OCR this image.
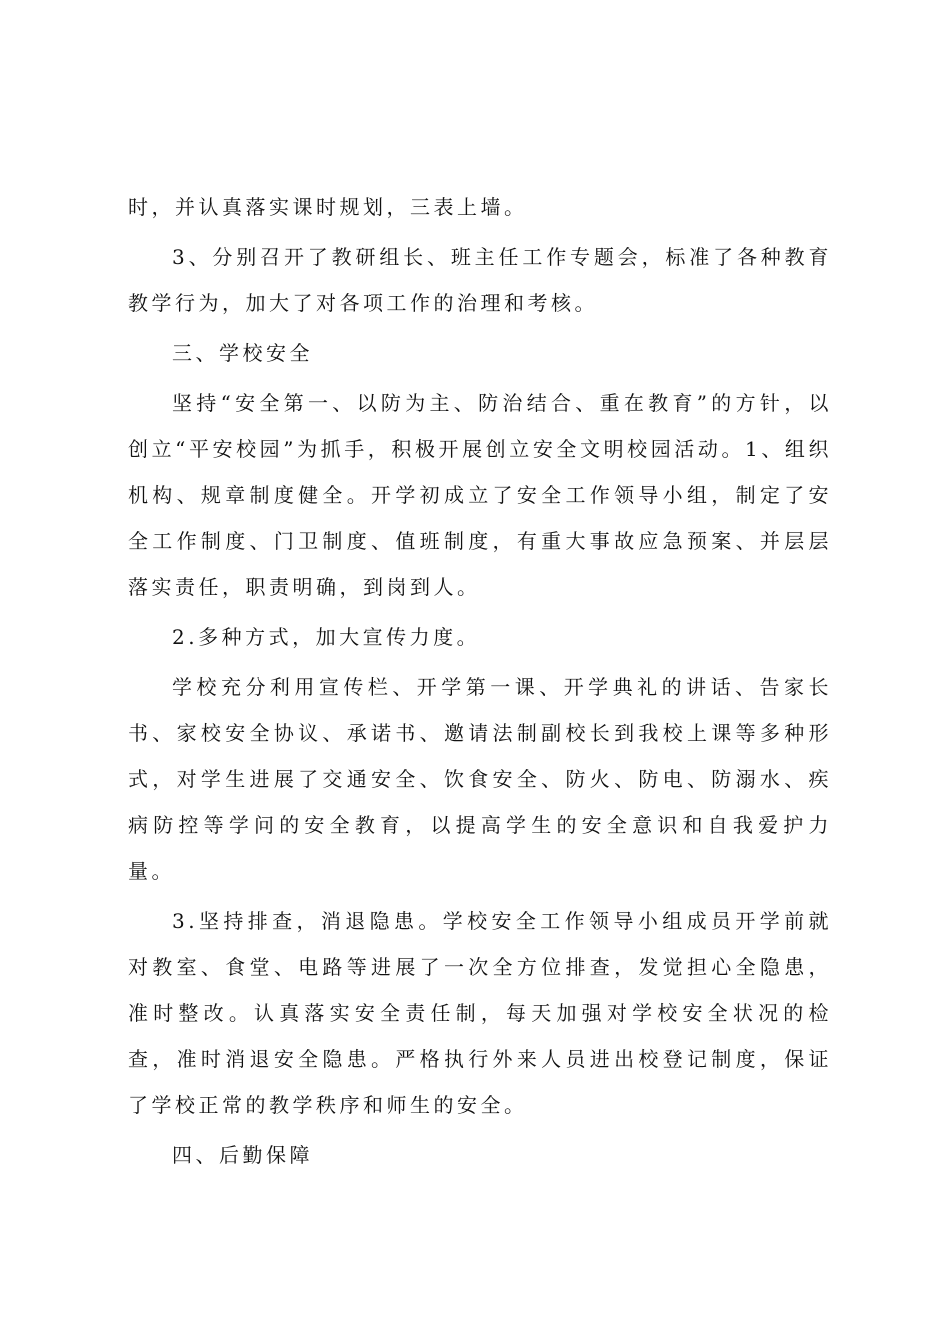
时，并认真落实课时规划，三表上墙。

3、分别召开了教研组长、班主任工作专题会，标准了各种教育教学行为，加大了对各项工作的治理和考核。

三、学校安全

坚持“安全第一、以防为主、防治结合、重在教育”的方针，以创立“平安校园”为抓手，积极开展创立安全文明校园活动。1、组织机构、规章制度健全。开学初成立了安全工作领导小组，制定了安全工作制度、门卫制度、值班制度，有重大事故应急预案、并层层落实责任，职责明确，到岗到人。

2.多种方式，加大宣传力度。

学校充分利用宣传栏、开学第一课、开学典礼的讲话、告家长书、家校安全协议、承诺书、邀请法制副校长到我校上课等多种形式，对学生进展了交通安全、饮食安全、防火、防电、防溺水、疾病防控等学问的安全教育，以提高学生的安全意识和自我爱护力量。

3.坚持排查，消退隐患。学校安全工作领导小组成员开学前就对教室、食堂、电路等进展了一次全方位排查，发觉担心全隐患，准时整改。认真落实安全责任制，每天加强对学校安全状况的检查，准时消退安全隐患。严格执行外来人员进出校登记制度，保证了学校正常的教学秩序和师生的安全。

四、后勤保障
